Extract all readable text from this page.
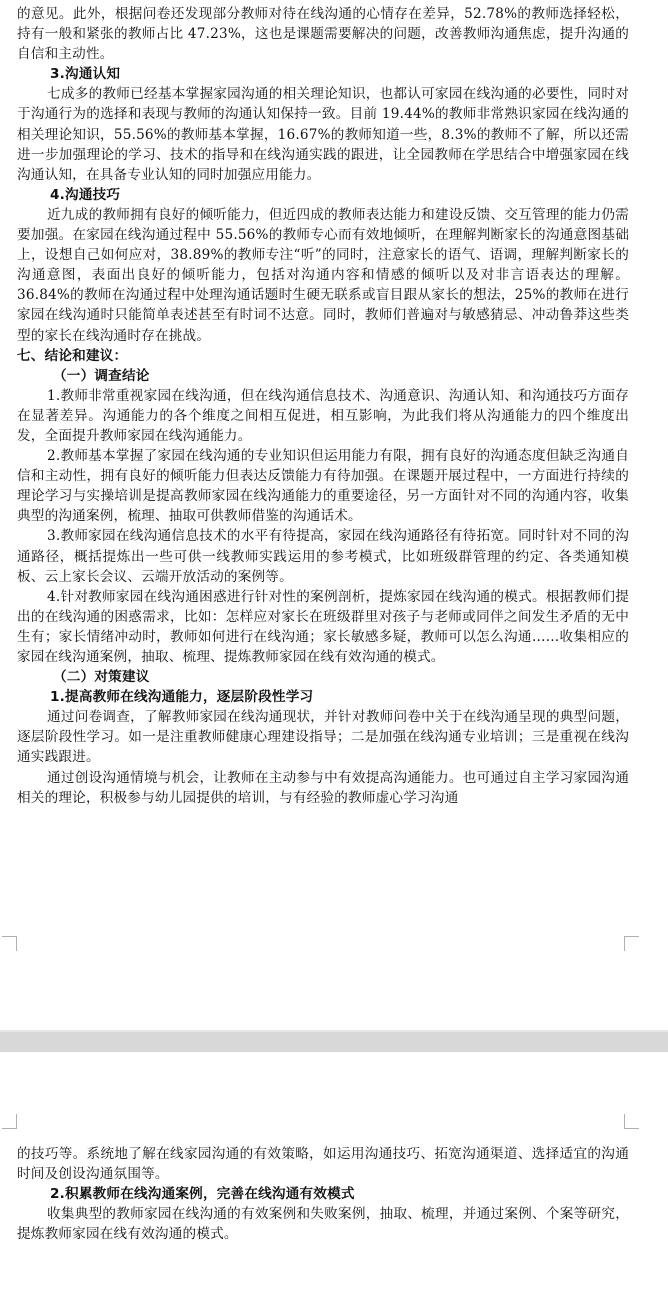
的意见。此外，根据问卷还发现部分教师对待在线沟通的心情存在差异，52.78%的教师选择轻松，持有一般和紧张的教师占比 47.23%，这也是课题需要解决的问题，改善教师沟通焦虑，提升沟通的自信和主动性。

3.沟通认知

七成多的教师已经基本掌握家园沟通的相关理论知识，也都认可家园在线沟通的必要性，同时对于沟通行为的选择和表现与教师的沟通认知保持一致。目前 19.44%的教师非常熟识家园在线沟通的相关理论知识，55.56%的教师基本掌握，16.67%的教师知道一些，8.3%的教师不了解，所以还需进一步加强理论的学习、技术的指导和在线沟通实践的跟进，让全园教师在学思结合中增强家园在线沟通认知，在具备专业认知的同时加强应用能力。

4.沟通技巧

近九成的教师拥有良好的倾听能力，但近四成的教师表达能力和建设反馈、交互管理的能力仍需要加强。在家园在线沟通过程中 55.56%的教师专心而有效地倾听，在理解判断家长的沟通意图基础上，设想自己如何应对，38.89%的教师专注“听”的同时，注意家长的语气、语调，理解判断家长的沟通意图，表面出良好的倾听能力，包括对沟通内容和情感的倾听以及对非言语表达的理解。36.84%的教师在沟通过程中处理沟通话题时生硬无联系或盲目跟从家长的想法，25%的教师在进行家园在线沟通时只能简单表述甚至有时词不达意。同时，教师们普遍对与敏感猜忌、冲动鲁莽这些类型的家长在线沟通时存在挑战。

七、结论和建议：

（一）调查结论

1.教师非常重视家园在线沟通，但在线沟通信息技术、沟通意识、沟通认知、和沟通技巧方面存在显著差异。沟通能力的各个维度之间相互促进，相互影响，为此我们将从沟通能力的四个维度出发，全面提升教师家园在线沟通能力。

2.教师基本掌握了家园在线沟通的专业知识但运用能力有限，拥有良好的沟通态度但缺乏沟通自信和主动性，拥有良好的倾听能力但表达反馈能力有待加强。在课题开展过程中，一方面进行持续的理论学习与实操培训是提高教师家园在线沟通能力的重要途径，另一方面针对不同的沟通内容，收集典型的沟通案例，梳理、抽取可供教师借鉴的沟通话术。

3.教师家园在线沟通信息技术的水平有待提高，家园在线沟通路径有待拓宽。同时针对不同的沟通路径，概括提炼出一些可供一线教师实践运用的参考模式，比如班级群管理的约定、各类通知模板、云上家长会议、云端开放活动的案例等。

4.针对教师家园在线沟通困惑进行针对性的案例剖析，提炼家园在线沟通的模式。根据教师们提出的在线沟通的困惑需求，比如：怎样应对家长在班级群里对孩子与老师或同伴之间发生矛盾的无中生有；家长情绪冲动时，教师如何进行在线沟通；家长敏感多疑，教师可以怎么沟通……收集相应的家园在线沟通案例，抽取、梳理、提炼教师家园在线有效沟通的模式。

（二）对策建议

1.提高教师在线沟通能力，逐层阶段性学习

通过问卷调查，了解教师家园在线沟通现状，并针对教师问卷中关于在线沟通呈现的典型问题，逐层阶段性学习。如一是注重教师健康心理建设指导；二是加强在线沟通专业培训；三是重视在线沟通实践跟进。

通过创设沟通情境与机会，让教师在主动参与中有效提高沟通能力。也可通过自主学习家园沟通相关的理论，积极参与幼儿园提供的培训，与有经验的教师虚心学习沟通

的技巧等。系统地了解在线家园沟通的有效策略，如运用沟通技巧、拓宽沟通渠道、选择适宜的沟通时间及创设沟通氛围等。

2.积累教师在线沟通案例，完善在线沟通有效模式

收集典型的教师家园在线沟通的有效案例和失败案例，抽取、梳理，并通过案例、个案等研究，提炼教师家园在线有效沟通的模式。
